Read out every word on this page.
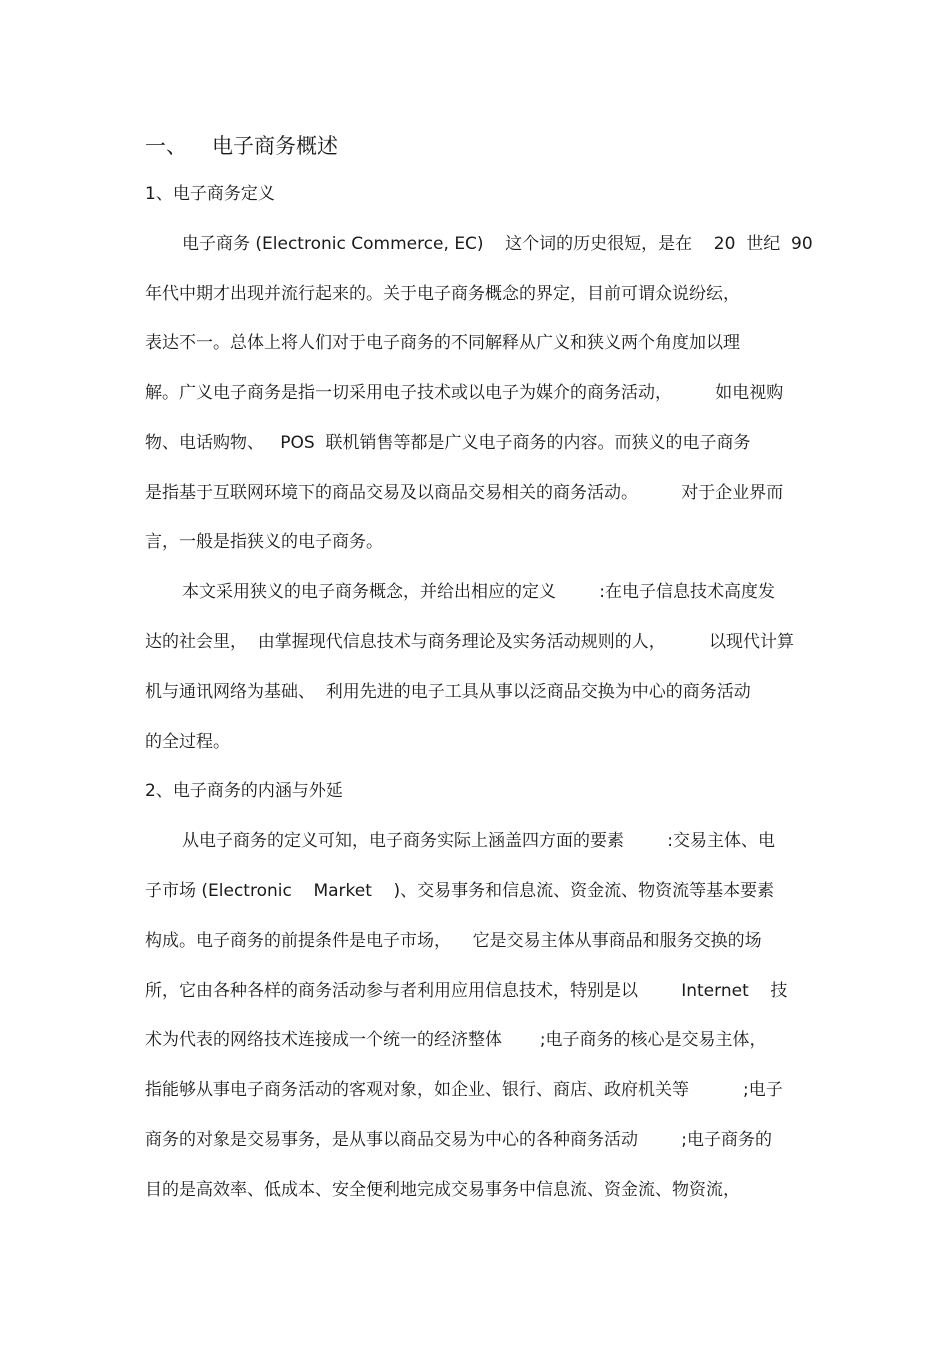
一、 电子商务概述
1、电子商务定义
电子商务 (Electronic Commerce, EC)    这个词的历史很短，是在    20  世纪  90
年代中期才出现并流行起来的。关于电子商务概念的界定，目前可谓众说纷纭，
表达不一。总体上将人们对于电子商务的不同解释从广义和狭义两个角度加以理
解。广义电子商务是指一切采用电子技术或以电子为媒介的商务活动，        如电视购
物、电话购物、   POS  联机销售等都是广义电子商务的内容。而狭义的电子商务
是指基于互联网环境下的商品交易及以商品交易相关的商务活动。        对于企业界而
言，一般是指狭义的电子商务。
本文采用狭义的电子商务概念，并给出相应的定义        :在电子信息技术高度发
达的社会里，  由掌握现代信息技术与商务理论及实务活动规则的人，        以现代计算
机与通讯网络为基础、  利用先进的电子工具从事以泛商品交换为中心的商务活动
的全过程。
2、电子商务的内涵与外延
从电子商务的定义可知，电子商务实际上涵盖四方面的要素        :交易主体、电
子市场 (Electronic    Market    )、交易事务和信息流、资金流、物资流等基本要素
构成。电子商务的前提条件是电子市场，    它是交易主体从事商品和服务交换的场
所，它由各种各样的商务活动参与者利用应用信息技术，特别是以        Internet    技
术为代表的网络技术连接成一个统一的经济整体       ;电子商务的核心是交易主体，
指能够从事电子商务活动的客观对象，如企业、银行、商店、政府机关等          ;电子
商务的对象是交易事务，是从事以商品交易为中心的各种商务活动        ;电子商务的
目的是高效率、低成本、安全便利地完成交易事务中信息流、资金流、物资流，
